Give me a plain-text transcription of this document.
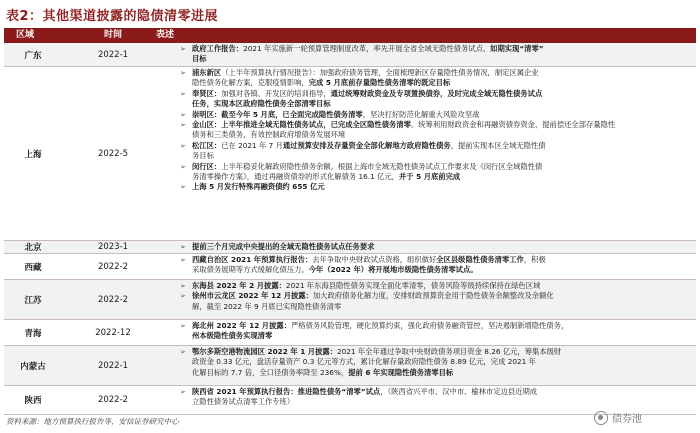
表2：其他渠道披露的隐债清零进展
区域	时间	表述
广东	2022-1
➢ 政府工作报告：2021 年实施新一轮预算管理制度改革，率先开展全省全域无隐性债务试点、如期实现“清零”
目标
上海	2022-5
➢ 浦东新区（上半年预算执行情况报告）：加强政府债务管理，全面梳理新区存量隐性债务情况，制定区属企业
隐性债务化解方案，克服疫情影响，完成 5 月底前存量隐性债务清零的既定目标
➢ 奉贤区：加强对各镇、开发区的培训指导，通过统筹财政资金及专项置换债券，及时完成全域无隐性债务试点
任务，实现本区政府隐性债务全部清零目标
➢ 崇明区：截至今年 5 月底，已全面完成隐性债务清零，坚决打好防范化解重大风险攻坚战
➢ 金山区：上半年推进全域无隐性债务试点，已完成全区隐性债务清零。统筹利用财政资金和再融资债券资金，提前偿还全部存量隐性
债务和三类债务，有效控制政府增债务发展环境
➢ 松江区：已在 2021 年 7 月通过预算安排及存量资金全部化解地方政府隐性债务，提前实现本区全域无隐性债
务目标
➢ 闵行区：上半年稳妥化解政府隐性债务余额。根据上海市全域无隐性债务试点工作要求及《闵行区全域隐性债
务清零操作方案》，通过再融资债券的形式化解债务 16.1 亿元，并于 5 月底前完成
➢ 上海 5 月发行特殊再融资债约 655 亿元
北京	2023-1	➢ 提前三个月完成中央提出的全域无隐性债务试点任务要求
西藏	2022-2
➢ 西藏自治区 2021 年预算执行报告：去年争取中央财政试点资格，组织做好全区县级隐性债务清零工作，积极
采取债务展期等方式缓解化债压力。今年（2022 年）将开展地市级隐性债务清零试点。
江苏	2022-2
➢ 东海县 2022 年 2 月披露：2021 年东海县隐性债务实现全面化零清零，债务风险等级持续保持在绿色区域
➢ 徐州市云龙区 2022 年 12 月披露：加大政府债务化解力度，安排财政预算资金用于隐性债务余额整改及余额化
解，截至 2022 年 9 月底已实现隐性债务清零
青海	2022-12
➢ 海北州 2022 年 12 月披露：严格债务风险管理，硬化预算约束，强化政府债务融资管控，坚决遏制新增隐性债务，
州本级隐性债务实现清零
内蒙古	2022-1
➢ 鄂尔多斯空港物流园区 2022 年 1 月披露：2021 年全年通过争取中央财政债务项目资金 8.26 亿元，筹集本级财
政资金 0.33 亿元，盘活存量资产 0.3 亿元等方式，累计化解存量政府隐性债务 8.89 亿元，完成 2021 年
化解目标的 7.7 倍，全口径债务率降至 236%，提前 6 年实现隐性债务清零目标
陕西	2022-2
➢ 陕西省 2021 年预算执行报告：推进隐性债务“清零”试点，（陕西省兴平市、汉中市、榆林市定边县近期成
立隐性债务试点清零工作专班）
资料来源：地方预算执行报告等，安信证券研究中心	债券池
